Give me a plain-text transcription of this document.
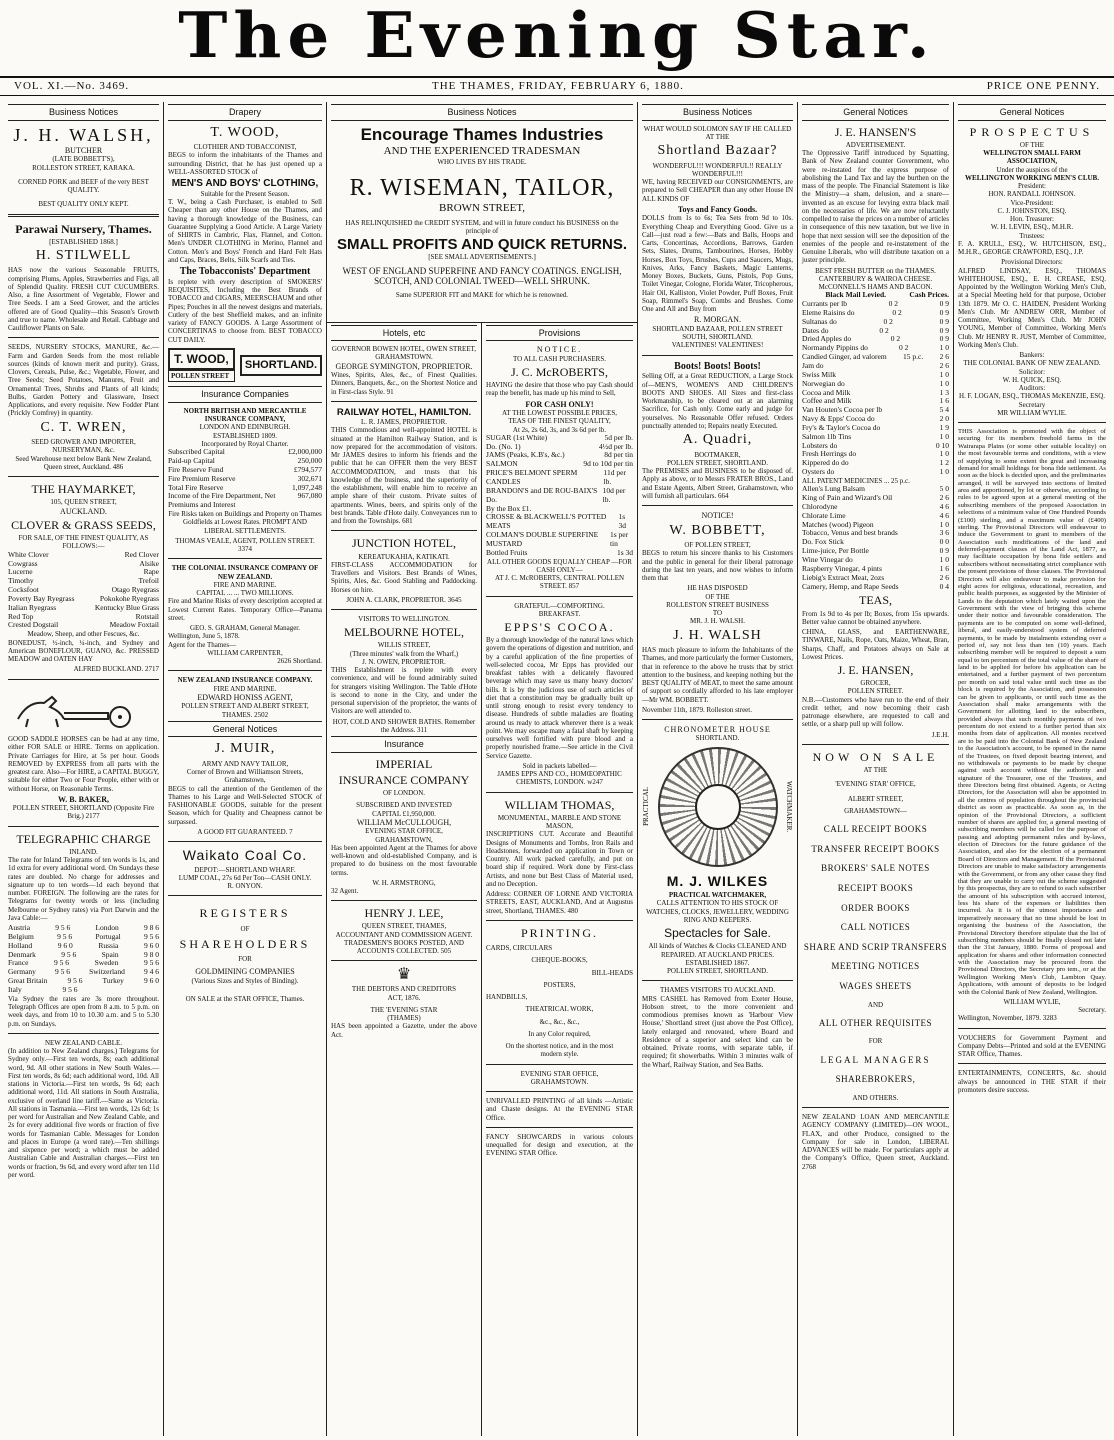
The Evening Star.
VOL. XI.—No. 3469.	THE THAMES, FRIDAY, FEBRUARY 6, 1880.	PRICE ONE PENNY.
Business Notices
J. H. WALSH,
BUTCHER
(LATE BOBBETT'S),
ROLLESTON STREET, KARAKA.
CORNED PORK and BEEF of the very BEST QUALITY.
BEST QUALITY ONLY KEPT.
Parawai Nursery, Thames.
[ESTABLISHED 1868.]
H. STILWELL

HAS now the various Seasonable FRUITS, comprising Plums, Apples, Strawberries and Figs, all of Splendid Quality. FRESH CUT CUCUMBERS. Also, a fine Assortment of Vegetable, Flower and Tree Seeds. I am a Seed Grower, and the articles offered are of Good Quality—this Season's Growth and true to name. Wholesale and Retail. Cabbage and Cauliflower Plants on Sale.

SEEDS, NURSERY STOCKS, MANURE, &c.—Farm and Garden Seeds from the most reliable sources (kinds of known merit and purity). Grass, Clovers, Cereals, Pulse, &c.; Vegetable, Flower, and Tree Seeds; Seed Potatoes, Manures, Fruit and Ornamental Trees, Shrubs and Plants of all kinds; Bulbs, Garden Pottery and Glassware, Insect Applications, and every requisite. New Fodder Plant (Prickly Comfrey) in quantity.

C. T. WREN,
SEED GROWER AND IMPORTER, NURSERYMAN, &c.
Seed Warehouse next below Bank New Zealand, Queen street, Auckland. 486
THE HAYMARKET,
105, QUEEN STREET,
AUCKLAND.
CLOVER & GRASS SEEDS,
FOR SALE, OF THE FINEST QUALITY, AS FOLLOWS:—
White Clover	Red Clover
Cowgrass	Alsike
Lucerne	Rape
Timothy	Trefoil
Cocksfoot	Otago Ryegrass
Poverty Bay Ryegrass	Pokokohe Ryegrass
Italian Ryegrass	Kentucky Blue Grass
Red Top	Rotstail
Crested Dogstail	Meadow Foxtail
Meadow, Sheep, and other Fescues, &c.

BONEDUST, ½-inch, ¼-inch, and Sydney and American BONEFLOUR, GUANO, &c. PRESSED MEADOW and OATEN HAY

ALFRED BUCKLAND. 2717

GOOD SADDLE HORSES can be had at any time, either FOR SALE or HIRE. Terms on application. Private Carriages for Hire, at 5s per hour. Goods REMOVED by EXPRESS from all parts with the greatest care. Also—For HIRE, a CAPITAL BUGGY, suitable for either Two or Four People, either with or without Horse, on Reasonable Terms.

W. B. BAKER,
POLLEN STREET, SHORTLAND (Opposite Fire Brig.) 2177
TELEGRAPHIC CHARGE
INLAND.

The rate for Inland Telegrams of ten words is 1s, and 1d extra for every additional word. On Sundays these rates are doubled. No charge for addresses and signature up to ten words—1d each beyond that number. FOREIGN. The following are the rates for Telegrams for twenty words or less (including Melbourne or Sydney rates) via Port Darwin and the Java Cable:—

Austria	9 5 6	London	9 8 6
Belgium	9 5 6	Portugal	9 5 6
Holland	9 6 0	Russia	9 6 0
Denmark	9 5 6	Spain	9 8 0
France	9 5 6	Sweden	9 5 6
Germany	9 5 6	Switzerland	9 4 6
Great Britain	9 5 6	Turkey	9 6 0
Italy	9 5 6

Via Sydney the rates are 3s more throughout. Telegraph Offices are open from 8 a.m. to 5 p.m. on week days, and from 10 to 10.30 a.m. and 5 to 5.30 p.m. on Sundays.

NEW ZEALAND CABLE.

(In addition to New Zealand charges.) Telegrams for Sydney only.—First ten words, 8s; each additional word, 9d. All other stations in New South Wales.—First ten words, 8s 6d; each additional word, 10d. All stations in Victoria.—First ten words, 9s 6d; each additional word, 11d. All stations in South Australia, exclusive of overland line tariff.—Same as Victoria. All stations in Tasmania.—First ten words, 12s 6d; 1s per word for Australian and New Zealand Cable, and 2s for every additional five words or fraction of five words for Tasmanian Cable. Messages for London and places in Europe (a word rate).—Ten shillings and sixpence per word; a which must be added Australian Cable and Australian charges.—First ten words or fraction, 9s 6d, and every word after ten 11d per word.

Drapery
T. WOOD,
CLOTHIER AND TOBACCONIST,

BEGS to inform the inhabitants of the Thames and surrounding District, that he has just opened up a WELL-ASSORTED STOCK of

MEN'S AND BOYS' CLOTHING,
Suitable for the Present Season.

T. W., being a Cash Purchaser, is enabled to Sell Cheaper than any other House on the Thames, and having a thorough knowledge of the Business, can Guarantee Supplying a Good Article. A Large Variety of SHIRTS in Cambric, Flax, Flannel, and Cotton. Men's UNDER CLOTHING in Merino, Flannel and Cotton. Men's and Boys' French and Hard Felt Hats and Caps, Braces, Belts, Silk Scarfs and Ties.

The Tobacconists' Department

Is replete with every description of SMOKERS' REQUISITES, Including the Best Brands of TOBACCO and CIGARS, MEERSCHAUM and other Pipes; Pouches in all the newest designs and materials, Cutlery of the best Sheffield makes, and an infinite variety of FANCY GOODS. A Large Assortment of CONCERTINAS to choose from. BEST TOBACCO CUT DAILY.

T. WOOD,
POLLEN STREET
SHORTLAND.
Insurance Companies
NORTH BRITISH AND MERCANTILE INSURANCE COMPANY,
LONDON AND EDINBURGH.
ESTABLISHED 1809.
Incorporated by Royal Charter.
Subscribed Capital	£2,000,000
Paid-up Capital	250,000
Fire Reserve Fund	£794,577
Fire Premium Reserve	302,671
Total Fire Reserve	1,097,248
Income of the Fire Department, Net Premiums and Interest
967,080

Fire Risks taken on Buildings and Property on Thames Goldfields at Lowest Rates. PROMPT AND LIBERAL SETTLEMENTS.

THOMAS VEALE, AGENT, POLLEN STREET. 3374
THE COLONIAL INSURANCE COMPANY OF NEW ZEALAND.
FIRE AND MARINE.
CAPITAL ... ... TWO MILLIONS.

Fire and Marine Risks of every description accepted at Lowest Current Rates. Temporary Office—Panama street.

GEO. S. GRAHAM, General Manager.
Wellington, June 5, 1878.
Agent for the Thames—
WILLIAM CARPENTER,
2626 Shortland.
NEW ZEALAND INSURANCE COMPANY.
FIRE AND MARINE.
EDWARD HONISS AGENT,
POLLEN STREET AND ALBERT STREET, THAMES. 2502
General Notices
J. MUIR,
ARMY AND NAVY TAILOR,
Corner of Brown and Williamson Streets, Grahamstown,

BEGS to call the attention of the Gentlemen of the Thames to his Large and Well-Selected STOCK of FASHIONABLE GOODS, suitable for the present Season, which for Quality and Cheapness cannot be surpassed.

A GOOD FIT GUARANTEED. 7
Waikato Coal Co.
DEPOT:—SHORTLAND WHARF.
LUMP COAL, 27s 6d Per Ton—CASH ONLY.
R. ONYON.
REGISTERS
OF
SHAREHOLDERS
FOR
GOLDMINING COMPANIES
(Various Sizes and Styles of Binding).
ON SALE at the STAR OFFICE, Thames.
Business Notices
Encourage Thames Industries
AND THE EXPERIENCED TRADESMAN
WHO LIVES BY HIS TRADE.
R. WISEMAN, TAILOR,
BROWN STREET,
HAS RELINQUISHED the CREDIT SYSTEM, and will in future conduct his BUSINESS on the principle of
SMALL PROFITS AND QUICK RETURNS.
[SEE SMALL ADVERTISEMENTS.]
WEST OF ENGLAND SUPERFINE AND FANCY COATINGS. ENGLISH, SCOTCH, AND COLONIAL TWEED—WELL SHRUNK.
Same SUPERIOR FIT and MAKE for which he is renowned.
Hotels, etc
GOVERNOR BOWEN HOTEL, OWEN STREET, GRAHAMSTOWN.
GEORGE SYMINGTON, PROPRIETOR.

Wines, Spirits, Ales, &c., of Finest Qualities. Dinners, Banquets, &c., on the Shortest Notice and in First-class Style. 91

RAILWAY HOTEL, HAMILTON.
L. R. JAMES, PROPRIETOR.

THIS Commodious and well-appointed HOTEL is situated at the Hamilton Railway Station, and is now prepared for the accommodation of visitors. Mr JAMES desires to inform his friends and the public that he can OFFER them the very BEST ACCOMMODATION, and trusts that his knowledge of the business, and the superiority of the establishment, will enable him to receive an ample share of their custom. Private suites of apartments. Wines, beers, and spirits only of the best brands. Table d'Hote daily. Conveyances run to and from the Townships. 681

JUNCTION HOTEL,
KEREATUKAHIA, KATIKATI.

FIRST-CLASS ACCOMMODATION for Travellers and Visitors. Best Brands of Wines, Spirits, Ales, &c. Good Stabling and Paddocking. Horses on hire.

JOHN A. CLARK, PROPRIETOR. 3645
VISITORS TO WELLINGTON.
MELBOURNE HOTEL,
WILLIS STREET,
(Three minutes' walk from the Wharf,)
J. N. OWEN, PROPRIETOR.

THIS Establishment is replete with every convenience, and will be found admirably suited for strangers visiting Wellington. The Table d'Hote is second to none in the City, and under the personal supervision of the proprietor, the wants of Visitors are well attended to.

HOT, COLD AND SHOWER BATHS. Remember the Address. 311
Insurance
IMPERIAL
INSURANCE COMPANY
OF LONDON.
SUBSCRIBED AND INVESTED
CAPITAL £1,950,000.
WILLIAM McCULLOUGH,
EVENING STAR OFFICE,
GRAHAMSTOWN,

Has been appointed Agent at the Thames for above well-known and old-established Company, and is prepared to do business on the most favourable terms.

W. H. ARMSTRONG,
32 Agent.
HENRY J. LEE,
QUEEN STREET, THAMES,
ACCOUNTANT AND COMMISSION AGENT.
TRADESMEN'S BOOKS POSTED, AND ACCOUNTS COLLECTED. 505
♛
THE DEBTORS AND CREDITORS
ACT, 1876.
THE 'EVENING STAR
(THAMES)

HAS been appointed a Gazette, under the above Act.

Provisions
NOTICE.
TO ALL CASH PURCHASERS.
J. C. McROBERTS,

HAVING the desire that those who pay Cash should reap the benefit, has made up his mind to Sell,

FOR CASH ONLY!
AT THE LOWEST POSSIBLE PRICES,
TEAS OF THE FINEST QUALITY,
At 2s, 2s 6d, 3s, and 3s 6d per lb.
SUGAR (1st White)	5d per lb.
Do. (No. 1)	4½d per lb.
JAMS (Peaks, K.B's, &c.)	8d per tin
SALMON	9d to 10d per tin
PRICE'S BELMONT SPERM CANDLES
11d per lb.
BRANDON'S and DE ROU-BAIX'S Do.
10d per lb.
By the Box £1.
CROSSE & BLACKWELL'S POTTED MEATS
1s 3d
COLMAN'S DOUBLE SUPERFINE MUSTARD
1s per tin
Bottled Fruits	1s 3d
ALL OTHER GOODS EQUALLY CHEAP —FOR CASH ONLY—
AT J. C. McROBERTS, CENTRAL POLLEN STREET. 857
GRATEFUL—COMFORTING.
BREAKFAST.
EPPS'S COCOA.

By a thorough knowledge of the natural laws which govern the operations of digestion and nutrition, and by a careful application of the fine properties of well-selected cocoa, Mr Epps has provided our breakfast tables with a delicately flavoured beverage which may save us many heavy doctors' bills. It is by the judicious use of such articles of diet that a constitution may be gradually built up until strong enough to resist every tendency to disease. Hundreds of subtle maladies are floating around us ready to attack wherever there is a weak point. We may escape many a fatal shaft by keeping ourselves well fortified with pure blood and a properly nourished frame.—See article in the Civil Service Gazette.

Sold in packets labelled—
JAMES EPPS AND CO., HOMŒOPATHIC CHEMISTS, LONDON. w247
WILLIAM THOMAS,
MONUMENTAL, MARBLE AND STONE MASON,

INSCRIPTIONS CUT. Accurate and Beautiful Designs of Monuments and Tombs, Iron Rails and Headstones, forwarded on application in Town or Country. All work packed carefully, and put on board ship if required. Work done by First-class Artists, and none but Best Class of Material used, and no Deception.

Address: CORNER OF LORNE AND VICTORIA STREETS, EAST, AUCKLAND, And at Augustus street, Shortland, THAMES. 480

PRINTING.
CARDS, CIRCULARS
CHEQUE-BOOKS,
BILL-HEADS
POSTERS,
HANDBILLS,
THEATRICAL WORK,
&c., &c., &c.,
In any Color required,
On the shortest notice, and in the most
modern style.
EVENING STAR OFFICE,
GRAHAMSTOWN.

UNRIVALLED PRINTING of all kinds —Artistic and Chaste designs. At the EVENING STAR Office.

FANCY SHOWCARDS in various colours unequalled for design and execution, at the EVENING STAR Office.

Business Notices
WHAT WOULD SOLOMON SAY IF HE CALLED AT THE
Shortland Bazaar?
WONDERFUL!!! WONDERFUL!! REALLY WONDERFUL!!!

WE, having RECEIVED our CONSIGNMENTS, are prepared to Sell CHEAPER than any other House IN ALL KINDS OF

Toys and Fancy Goods.

DOLLS from 1s to 6s; Tea Sets from 9d to 10s. Everything Cheap and Everything Good. Give us a Call—just read a few:—Bats and Balls, Hoops and Carts, Concertinas, Accordions, Barrows, Garden Sets, Slates, Drums, Tambourines, Horses, Hobby Horses, Box Toys, Brushes, Cups and Saucers, Mugs, Knives, Arks, Fancy Baskets, Magic Lanterns, Money Boxes, Buckets, Guns, Pistols, Pop Guns, Toilet Vinegar, Cologne, Florida Water, Tricopherous, Hair Oil, Kalliston, Violet Powder, Puff Boxes, Fruit Soap, Rimmel's Soap, Combs and Brushes. Come One and All and Buy from

R. MORGAN.
SHORTLAND BAZAAR, POLLEN STREET SOUTH, SHORTLAND.
VALENTINES! VALENTINES!
Boots! Boots! Boots!

Selling Off, at a Great REDUCTION, a Large Stock of—MEN'S, WOMEN'S AND CHILDREN'S BOOTS AND SHOES. All Sizes and first-class Workmanship, to be cleared out at an alarming Sacrifice, for Cash only. Come early and judge for yourselves. No Reasonable Offer refused. Orders punctually attended to; Repairs neatly Executed.

A. Quadri,
BOOTMAKER,
POLLEN STREET, SHORTLAND.

The PREMISES and BUSINESS to be disposed of. Apply as above, or to Messrs FRATER BROS., Land and Estate Agents, Albert Street, Grahamstown, who will furnish all particulars. 664

NOTICE!
W. BOBBETT,
OF POLLEN STREET,

BEGS to return his sincere thanks to his Customers and the public in general for their liberal patronage during the last ten years, and now wishes to inform them that

HE HAS DISPOSED
OF THE
ROLLESTON STREET BUSINESS
TO
MR. J. H. WALSH.
J. H. WALSH

HAS much pleasure to inform the Inhabitants of the Thames, and more particularly the former Customers, that in reference to the above he trusts that by strict attention to the business, and keeping nothing but the BEST QUALITY of MEAT, to meet the same amount of support so cordially afforded to his late employer—Mr WM. BOBBETT.

November 11th, 1879. Rolleston street.
CHRONOMETER HOUSE
SHORTLAND.
PRACTICAL	WATCHMAKER.
M. J. WILKES
PRACTICAL WATCHMAKER,
CALLS ATTENTION TO HIS STOCK OF
WATCHES, CLOCKS, JEWELLERY, WEDDING RING AND KEEPERS.
Spectacles for Sale.
All kinds of Watches & Clocks CLEANED AND REPAIRED. AT AUCKLAND PRICES.
ESTABLISHED 1867.
POLLEN STREET, SHORTLAND.
THAMES VISITORS TO AUCKLAND.

MRS CASHEL has Removed from Exeter House, Hobson street, to the more convenient and commodious premises known as 'Harbour View House,' Shortland street (just above the Post Office), lately enlarged and renovated, where Board and Residence of a superior and select kind can be obtained. Private rooms, with separate table, if required; fit showerbaths. Within 3 minutes walk of the Wharf, Railway Station, and Sea Baths.

General Notices
J. E. HANSEN'S
ADVERTISEMENT.

The Oppressive Tariff introduced by Squatting, Bank of New Zealand counter Government, who were re-instated for the express purpose of abolishing the Land Tax and lay the burthen on the mass of the people. The Financial Statement is like the Ministry—a sham, delusion, and a snare—invented as an excuse for levying extra black mail on the necessaries of life. We are now reluctantly compelled to raise the prices on a number of articles in consequence of this new taxation, but we live in hope that next session will see the deposition of the enemies of the people and re-instatement of the Genuine Liberals, who will distribute taxation on a juster principle.

BEST FRESH BUTTER on the THAMES. CANTERBURY & WAIROA CHEESE. McCONNELL'S HAMS AND BACON.
Black Mail Levied.	Cash Prices.
Currants per lb	0 2	0 9
Eleme Raisins do	0 2	0 9
Sultanas do	0 2	0 9
Dates do	0 2	0 9
Dried Apples do	0 2	0 9
Normandy Pippins do	0 2	1 0
Candied Ginger, ad valorem 15 p.c. 2 6
Jam do	2 6
Swiss Milk	1 0
Norwegian do	1 0
Cocoa and Milk	1 3
Coffee and Milk	1 6
Van Houten's Cocoa per lb	5 4
Navy & Epps' Cocoa do	2 0
Fry's & Taylor's Cocoa do	1 9
Salmon 1lb Tins	1 0
Lobsters do	0 10
Fresh Herrings do	1 0
Kippered do do	1 2
Oysters do	1 0
ALL PATENT MEDICINES ... 25 p.c.
Allen's Lung Balsam	5 0
King of Pain and Wizard's Oil	2 6
Chlorodyne	4 6
Chlorate Lime	4 6
Matches (wood) Pigeon	1 0
Tobacco, Venus and best brands	3 6
Do. Fox Stick	0 0
Lime-juice, Per Bottle	0 9
Wine Vinegar do	1 0
Raspberry Vinegar, 4 pints	1 6
Liebig's Extract Meat, 2ozs	2 6
Camery, Hemp, and Rape Seeds	0 4
TEAS,

From 1s 9d to 4s per lb; Boxes, from 15s upwards. Better value cannot be obtained anywhere.

CHINA, GLASS, and EARTHENWARE, TINWARE, Nails, Rope, Oats, Maize, Wheat, Bran, Sharps, Chaff, and Potatoes always on Sale at Lowest Prices.

J. E. HANSEN,
GROCER,
POLLEN STREET.

N.B.—Customers who have run to the end of their credit tether, and now becoming their cash patronage elsewhere, are requested to call and settle, or a sharp pull up will follow.

J.E.H.
NOW ON SALE
AT THE
'EVENING STAR' OFFICE,
ALBERT STREET,
GRAHAMSTOWN—
CALL RECEIPT BOOKS
TRANSFER RECEIPT BOOKS
BROKERS' SALE NOTES
RECEIPT BOOKS
ORDER BOOKS
CALL NOTICES
SHARE AND SCRIP TRANSFERS
MEETING NOTICES
WAGES SHEETS
AND
ALL OTHER REQUISITES
FOR
LEGAL MANAGERS
SHAREBROKERS,
AND OTHERS.

NEW ZEALAND LOAN AND MERCANTILE AGENCY COMPANY (LIMITED)—ON WOOL, FLAX, and other Produce, consigned to the Company for sale in London, LIBERAL ADVANCES will be made. For particulars apply at the Company's Office, Queen street, Auckland. 2768

General Notices
PROSPECTUS
OF THE
WELLINGTON SMALL FARM ASSOCIATION,
Under the auspices of the
WELLINGTON WORKING MEN'S CLUB.
President:
HON. RANDALL JOHNSON.
Vice-President:
C. J. JOHNSTON, ESQ.
Hon. Treasurer:
W. H. LEVIN, ESQ., M.H.R.
Trustees:

F. A. KRULL, ESQ., W. HUTCHISON, ESQ., M.H.R., GEORGE CRAWFORD, ESQ., J.P.

Provisional Directors:

ALFRED LINDSAY, ESQ., THOMAS WHITEHOUSE, ESQ., E. H. CREASE, ESQ. Appointed by the Wellington Working Men's Club, at a Special Meeting held for that purpose, October 13th 1879. Mr O. C. HAIDEN, President Working Men's Club. Mr ANDREW ORR, Member of Committee, Working Men's Club. Mr JOHN YOUNG, Member of Committee, Working Men's Club. Mr HENRY R. JUST, Member of Committee, Working Men's Club.

Bankers:
THE COLONIAL BANK OF NEW ZEALAND.
Solicitor:
W. H. QUICK, ESQ.
Auditors:
H. F. LOGAN, ESQ., THOMAS McKENZIE, ESQ.
Secretary
MR WILLIAM WYLIE.

THIS Association is promoted with the object of securing for its members freehold farms in the Wairarapa Plains (or some other suitable locality) on the most favourable terms and conditions, with a view of supplying to some extent the great and increasing demand for small holdings for bona fide settlement. As soon as the block is decided upon, and the preliminaries arranged, it will be surveyed into sections of limited area and apportioned, by lot or otherwise, according to rules to be agreed upon at a general meeting of the subscribing members of the proposed Association in selections of a minimum value of One Hundred Pounds (£100) sterling, and a maximum value of (£400) sterling. The Provisional Directors will endeavour to induce the Government to grant to members of the Association such modifications of the land and deferred-payment clauses of the Land Act, 1877, as may facilitate occupation by bona fide settlers and subscribers without necessitating strict compliance with the present provisions of those clauses. The Provisional Directors will also endeavour to make provision for eight acres for religious, educational, recreation, and public health purposes, as suggested by the Minister of Lands to the deputation which lately waited upon the Government with the view of bringing this scheme under their notice and favourable consideration. The payments are to be computed on some well-defined, liberal, and easily-understood system of deferred payments, to be made by instalments extending over a period of, say not less than ten (10) years. Each subscribing member will be required to deposit a sum equal to ten percentum of the total value of the share of land to be applied for before his application can be entertained, and a further payment of two percentum per month on said total value until such time as the block is required by the Association, and possession can be given to applicants, or until such time as the Association shall make arrangements with the Government for allotting land to the subscribers, provided always that such monthly payments of two percentum do not extend to a further period than six months from date of application. All monies received are to be paid into the Colonial Bank of New Zealand to the Association's account, to be opened in the name of the Trustees, on fixed deposit bearing interest, and no withdrawals or payments to be made by cheque against such account without the authority and signature of the Treasurer, one of the Trustees, and three Directors being first obtained. Agents, or Acting Directors, for the Association will also be appointed in all the centres of population throughout the provincial district as soon as practicable. As soon as, in the opinion of the Provisional Directors, a sufficient number of shares are applied for, a general meeting of subscribing members will be called for the purpose of passing and adopting permanent rules and by-laws, election of Directors for the future guidance of the Association, and also for the election of a permanent Board of Directors and Management. If the Provisional Directors are unable to make satisfactory arrangements with the Government, or from any other cause they find that they are unable to carry out the scheme suggested by this prospectus, they are to refund to each subscriber the amount of his subscription with accrued interest, less his share of the expenses or liabilities then incurred. As it is of the utmost importance and imperatively necessary that no time should be lost in organising the business of the Association, the Provisional Directory therefore stipulate that the list of subscribing members should be finally closed not later than the 31st January, 1880. Forms of proposal and application for shares and other information connected with the Association may be procured from the Provisional Directors, the Secretary pro tem., or at the Wellington Working Men's Club, Lambton Quay. Applications, with amount of deposits to be lodged with the Colonial Bank of New Zealand, Wellington.

WILLIAM WYLIE,
Secretary.
Wellington, November, 1879. 3283

VOUCHERS for Government Payment and Company Debts—Printed and sold at the EVENING STAR Office, Thames.

ENTERTAINMENTS, CONCERTS, &c. should always be announced in THE STAR if their promoters desire success.
